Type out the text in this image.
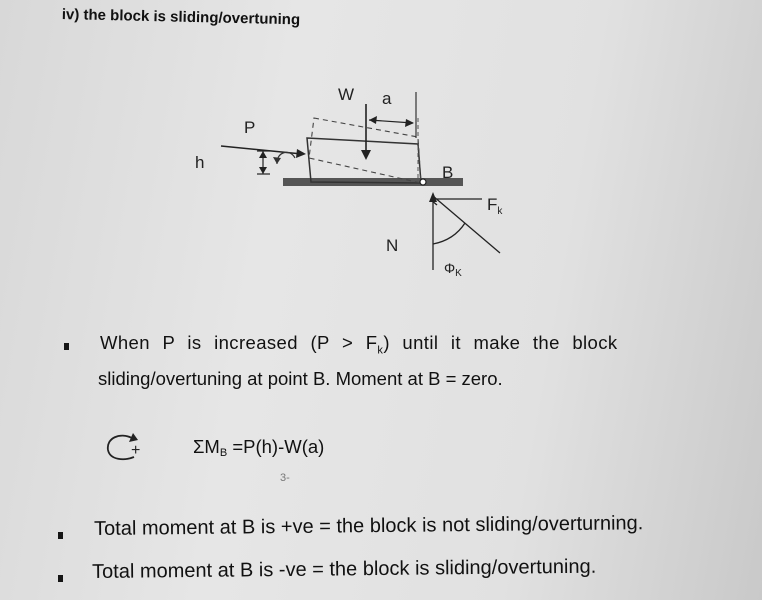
iv) the block is sliding/overtuning
W a
P
h
B
$F_k$
N
ΦK
When P is increased $(P > F_k)$ until it make the block
sliding/overtuning at point B. Moment at B = zero.
+	$\Sigma M_B =P(h)-W(a)$
3-
Total moment at B is +ve = the block is not sliding/overturning.
Total moment at B is -ve = the block is sliding/overtuning.
